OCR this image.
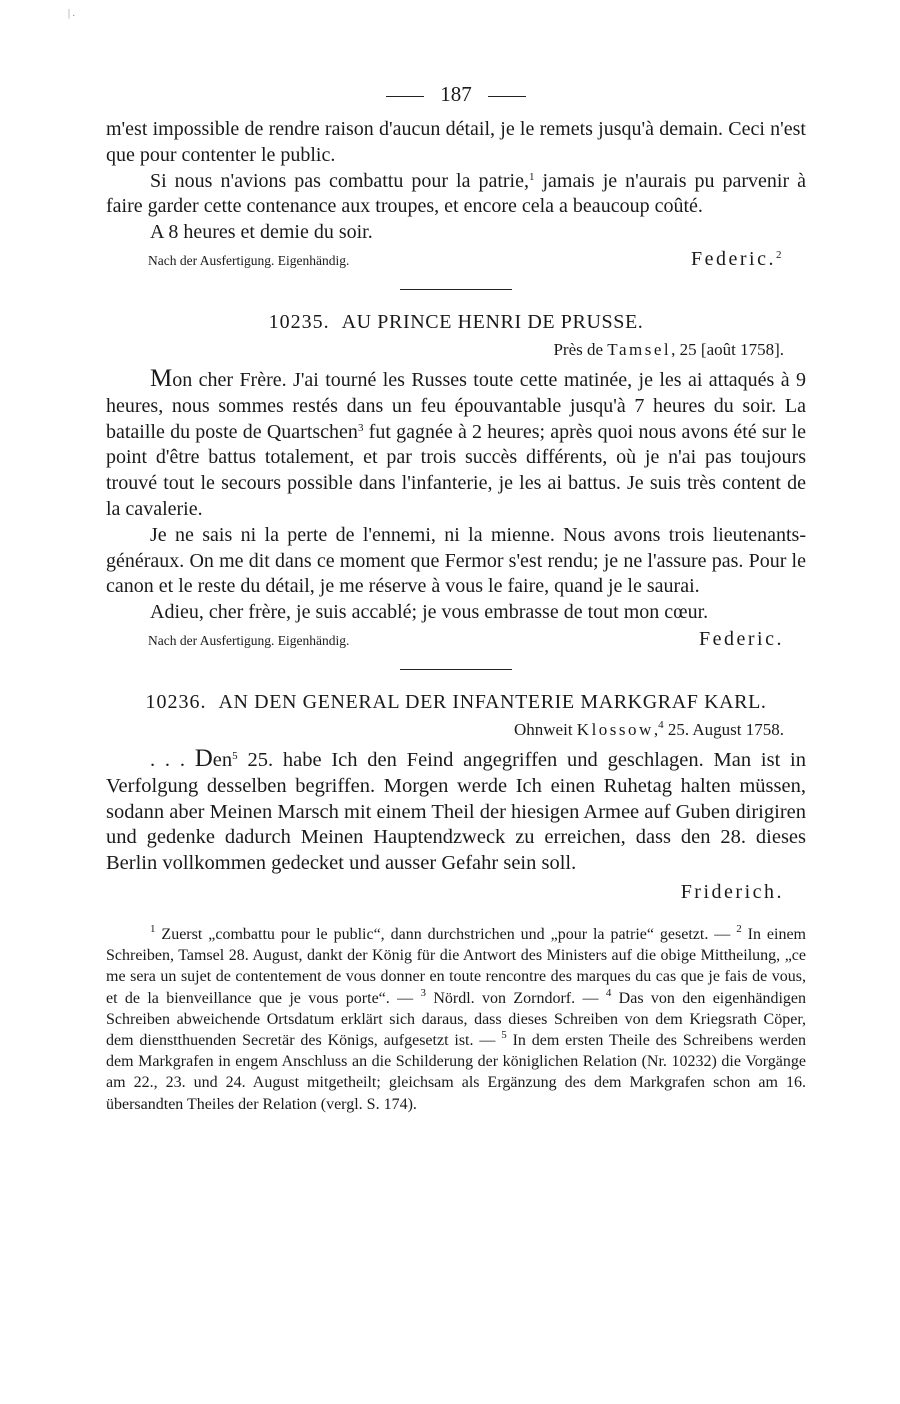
| .
187

m'est impossible de rendre raison d'aucun détail, je le remets jusqu'à demain. Ceci n'est que pour contenter le public.

Si nous n'avions pas combattu pour la patrie,$^1$ jamais je n'aurais pu parvenir à faire garder cette contenance aux troupes, et encore cela a beaucoup coûté.

A 8 heures et demie du soir.

Nach der Ausfertigung. Eigenhändig.	Federic.$^2$
10235. AU PRINCE HENRI DE PRUSSE.
Près de Tamsel, 25 [août 1758].

Mon cher Frère. J'ai tourné les Russes toute cette matinée, je les ai attaqués à 9 heures, nous sommes restés dans un feu épouvantable jusqu'à 7 heures du soir. La bataille du poste de Quartschen$^3$ fut gagnée à 2 heures; après quoi nous avons été sur le point d'être battus totalement, et par trois succès différents, où je n'ai pas toujours trouvé tout le secours possible dans l'infanterie, je les ai battus. Je suis très content de la cavalerie.

Je ne sais ni la perte de l'ennemi, ni la mienne. Nous avons trois lieutenants-généraux. On me dit dans ce moment que Fermor s'est rendu; je ne l'assure pas. Pour le canon et le reste du détail, je me réserve à vous le faire, quand je le saurai.

Adieu, cher frère, je suis accablé; je vous embrasse de tout mon cœur.

Nach der Ausfertigung. Eigenhändig.	Federic.
10236. AN DEN GENERAL DER INFANTERIE MARKGRAF KARL.
Ohnweit Klossow,$^4$ 25. August 1758.

. . . Den$^5$ 25. habe Ich den Feind angegriffen und geschlagen. Man ist in Verfolgung desselben begriffen. Morgen werde Ich einen Ruhetag halten müssen, sodann aber Meinen Marsch mit einem Theil der hiesigen Armee auf Guben dirigiren und gedenke dadurch Meinen Hauptendzweck zu erreichen, dass den 28. dieses Berlin vollkommen gedecket und ausser Gefahr sein soll.

Friderich.

$^1$ Zuerst „combattu pour le public“, dann durchstrichen und „pour la patrie“ gesetzt. — $^2$ In einem Schreiben, Tamsel 28. August, dankt der König für die Antwort des Ministers auf die obige Mittheilung, „ce me sera un sujet de contentement de vous donner en toute rencontre des marques du cas que je fais de vous, et de la bienveillance que je vous porte“. — $^3$ Nördl. von Zorndorf. — $^4$ Das von den eigenhändigen Schreiben abweichende Ortsdatum erklärt sich daraus, dass dieses Schreiben von dem Kriegsrath Cöper, dem dienstthuenden Secretär des Königs, aufgesetzt ist. — $^5$ In dem ersten Theile des Schreibens werden dem Markgrafen in engem Anschluss an die Schilderung der königlichen Relation (Nr. 10232) die Vorgänge am 22., 23. und 24. August mitgetheilt; gleichsam als Ergänzung des dem Markgrafen schon am 16. übersandten Theiles der Relation (vergl. S. 174).
